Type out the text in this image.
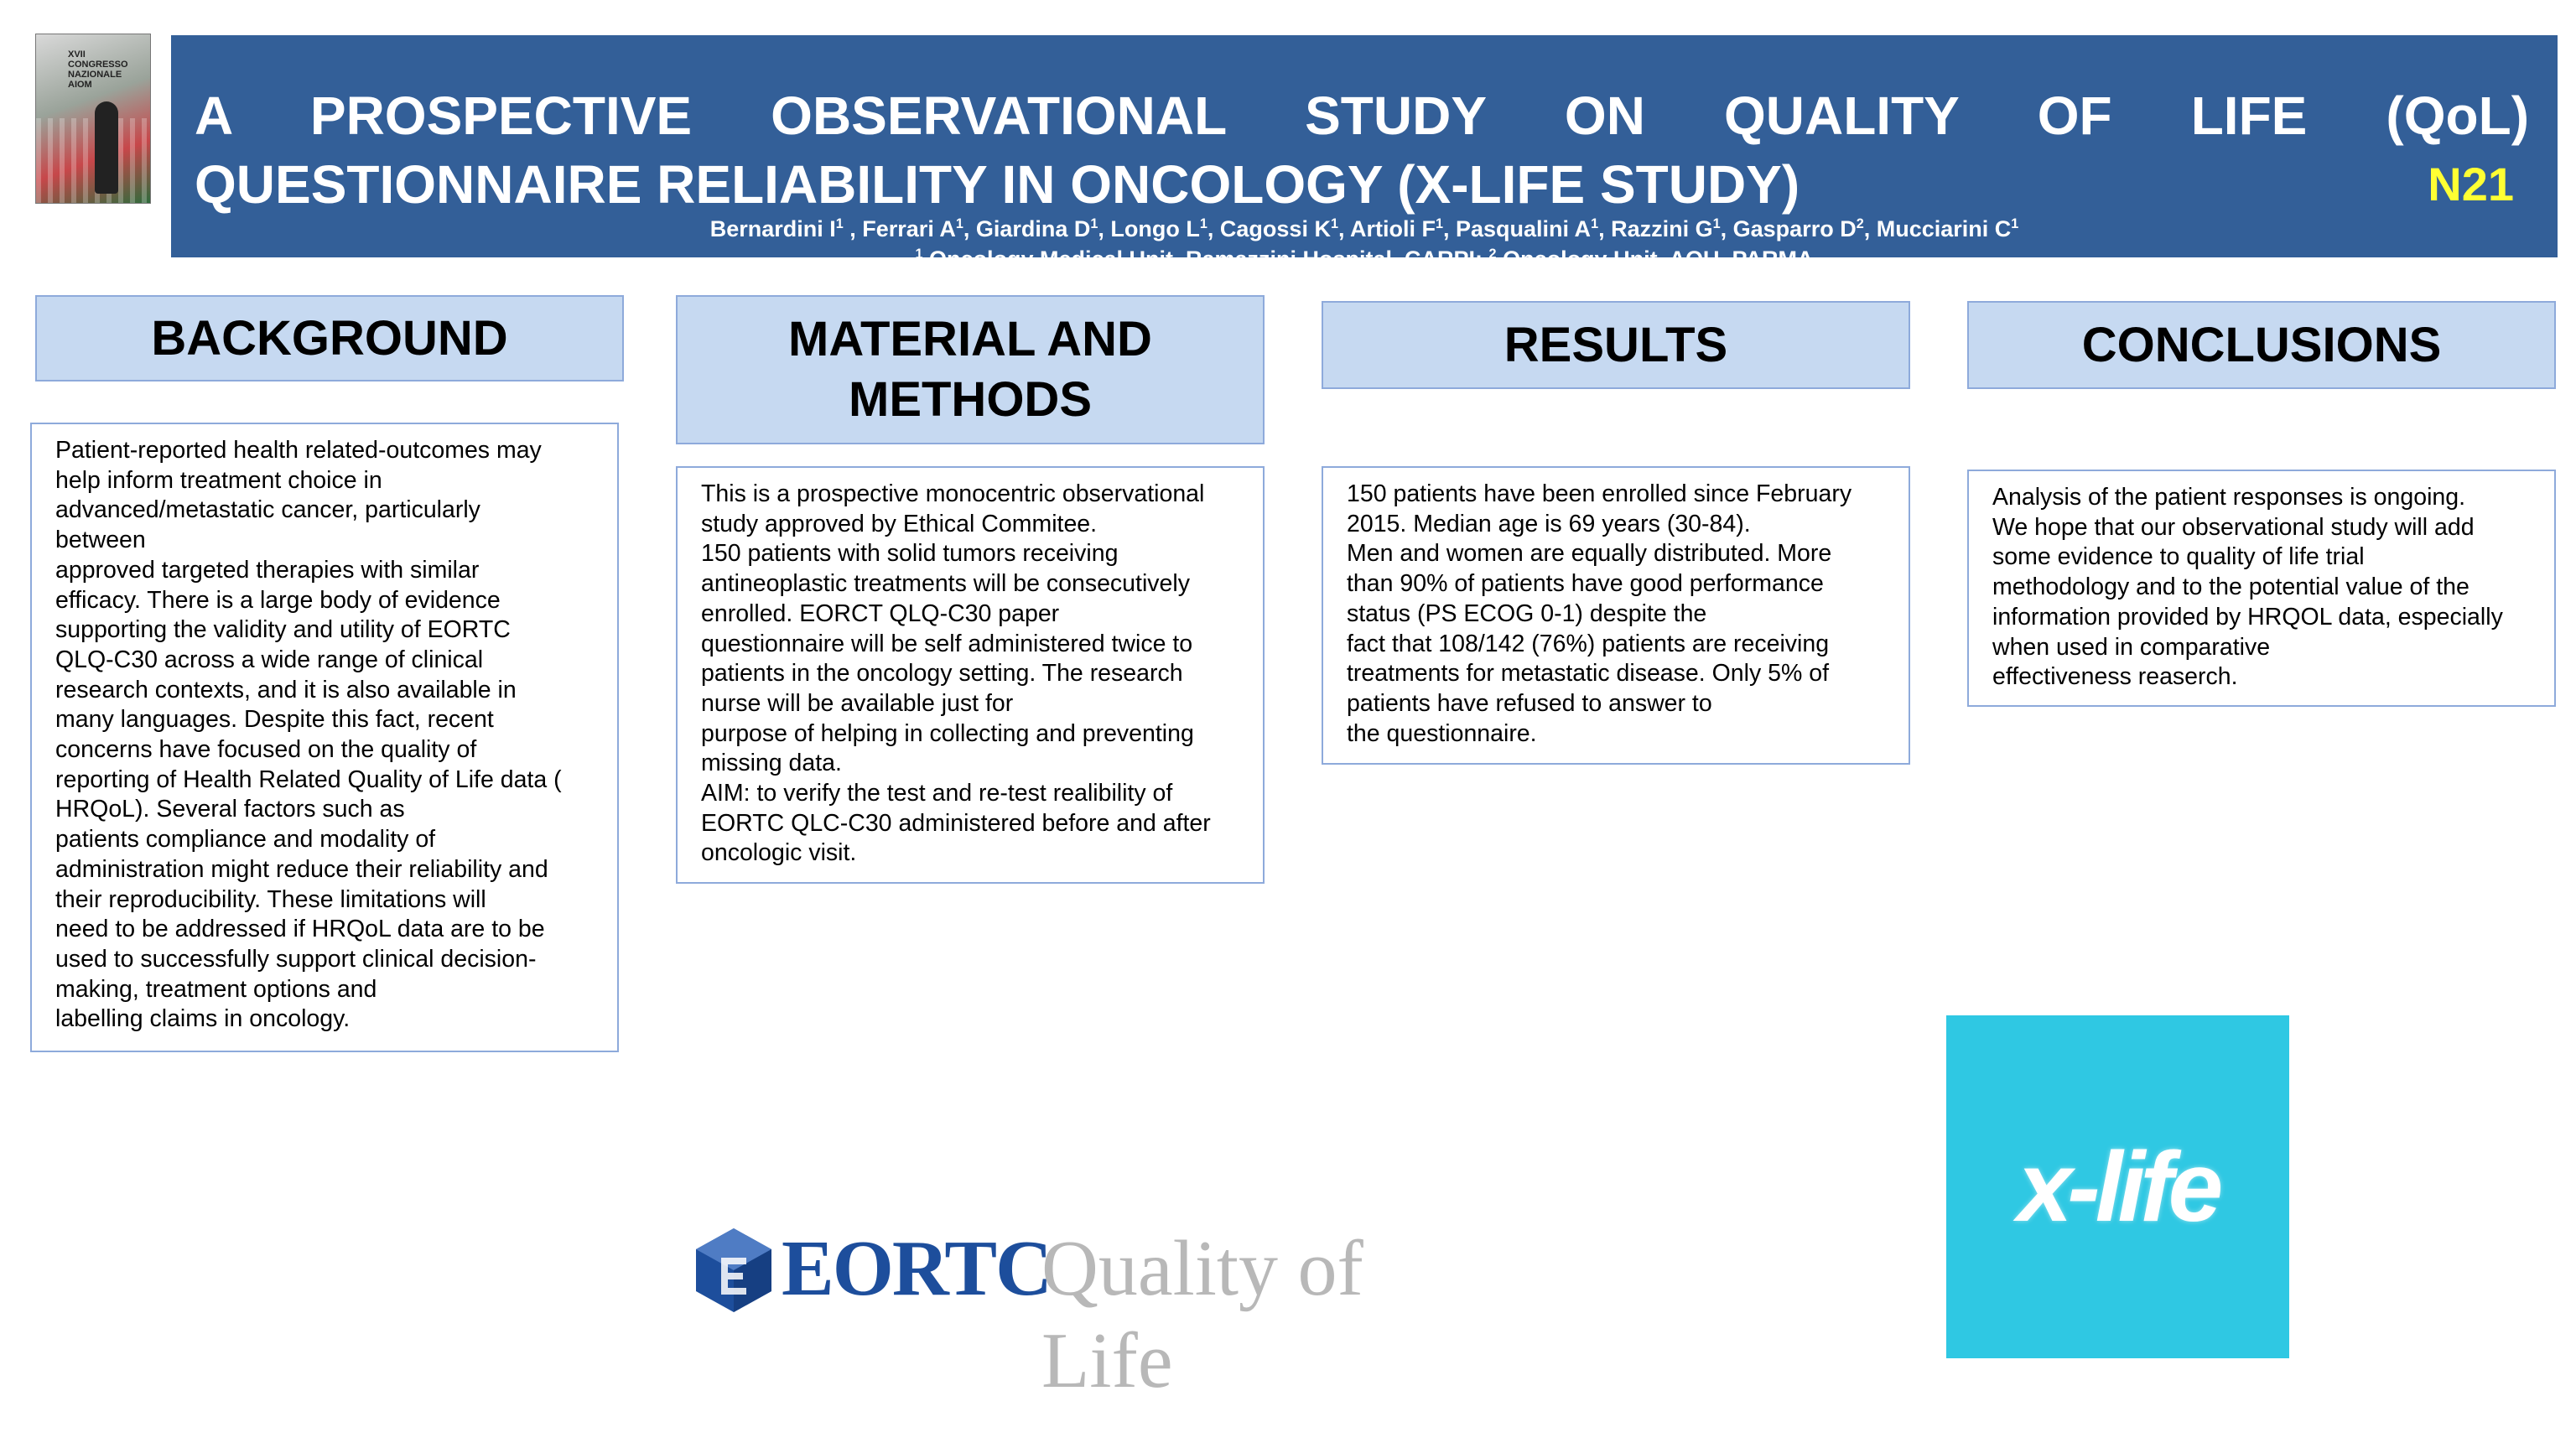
XVII
CONGRESSO
NAZIONALE
AIOM
A PROSPECTIVE OBSERVATIONAL STUDY ON QUALITY OF LIFE (QoL)
QUESTIONNAIRE RELIABILITY IN ONCOLOGY (X-LIFE STUDY)	N21
Bernardini $I^1$ , Ferrari $A^1$, Giardina $D^1$, Longo $L^1$, Cagossi $K^1$, Artioli $F^1$, Pasqualini $A^1$, Razzini $G^1$, Gasparro $D^2$, Mucciarini $C^1$
$^1$ Oncology Medical Unit, Ramazzini Hospital, CARPI; $^2$ Oncology Unit, AOU, PARMA
BACKGROUND
Patient-reported health related-outcomes may
help inform treatment choice in
advanced/metastatic cancer, particularly
between
approved targeted therapies with similar
efficacy. There is a large body of evidence
supporting the validity and utility of EORTC
QLQ-C30 across a wide range of clinical
research contexts, and it is also available in
many languages. Despite this fact, recent
concerns have focused on the quality of
reporting of Health Related Quality of Life data (
HRQoL). Several factors such as
patients compliance and modality of
administration might reduce their reliability and
their reproducibility. These limitations will
need to be addressed if HRQoL data are to be
used to successfully support clinical decision-
making, treatment options and
labelling claims in oncology.
MATERIAL AND
METHODS
This is a prospective monocentric observational
study approved by Ethical Commitee.
150 patients with solid tumors receiving
antineoplastic treatments will be consecutively
enrolled. EORCT QLQ-C30 paper
questionnaire will be self administered twice to
patients in the oncology setting. The research
nurse will be available just for
purpose of helping in collecting and preventing
missing data.
AIM: to verify the test and re-test realibility of
EORTC QLC-C30 administered before and after
oncologic visit.
RESULTS
150 patients have been enrolled since February
2015. Median age is 69 years (30-84).
Men and women are equally distributed. More
than 90% of patients have good performance
status (PS ECOG 0-1) despite the
fact that 108/142 (76%) patients are receiving
treatments for metastatic disease. Only 5% of
patients have refused to answer to
the questionnaire.
CONCLUSIONS
Analysis of the patient responses is ongoing.
We hope that our observational study will add
some evidence to quality of life trial
methodology and to the potential value of the
information provided by HRQOL data, especially
when used in comparative
effectiveness reaserch.
EORTC
Quality of Life
x-life
